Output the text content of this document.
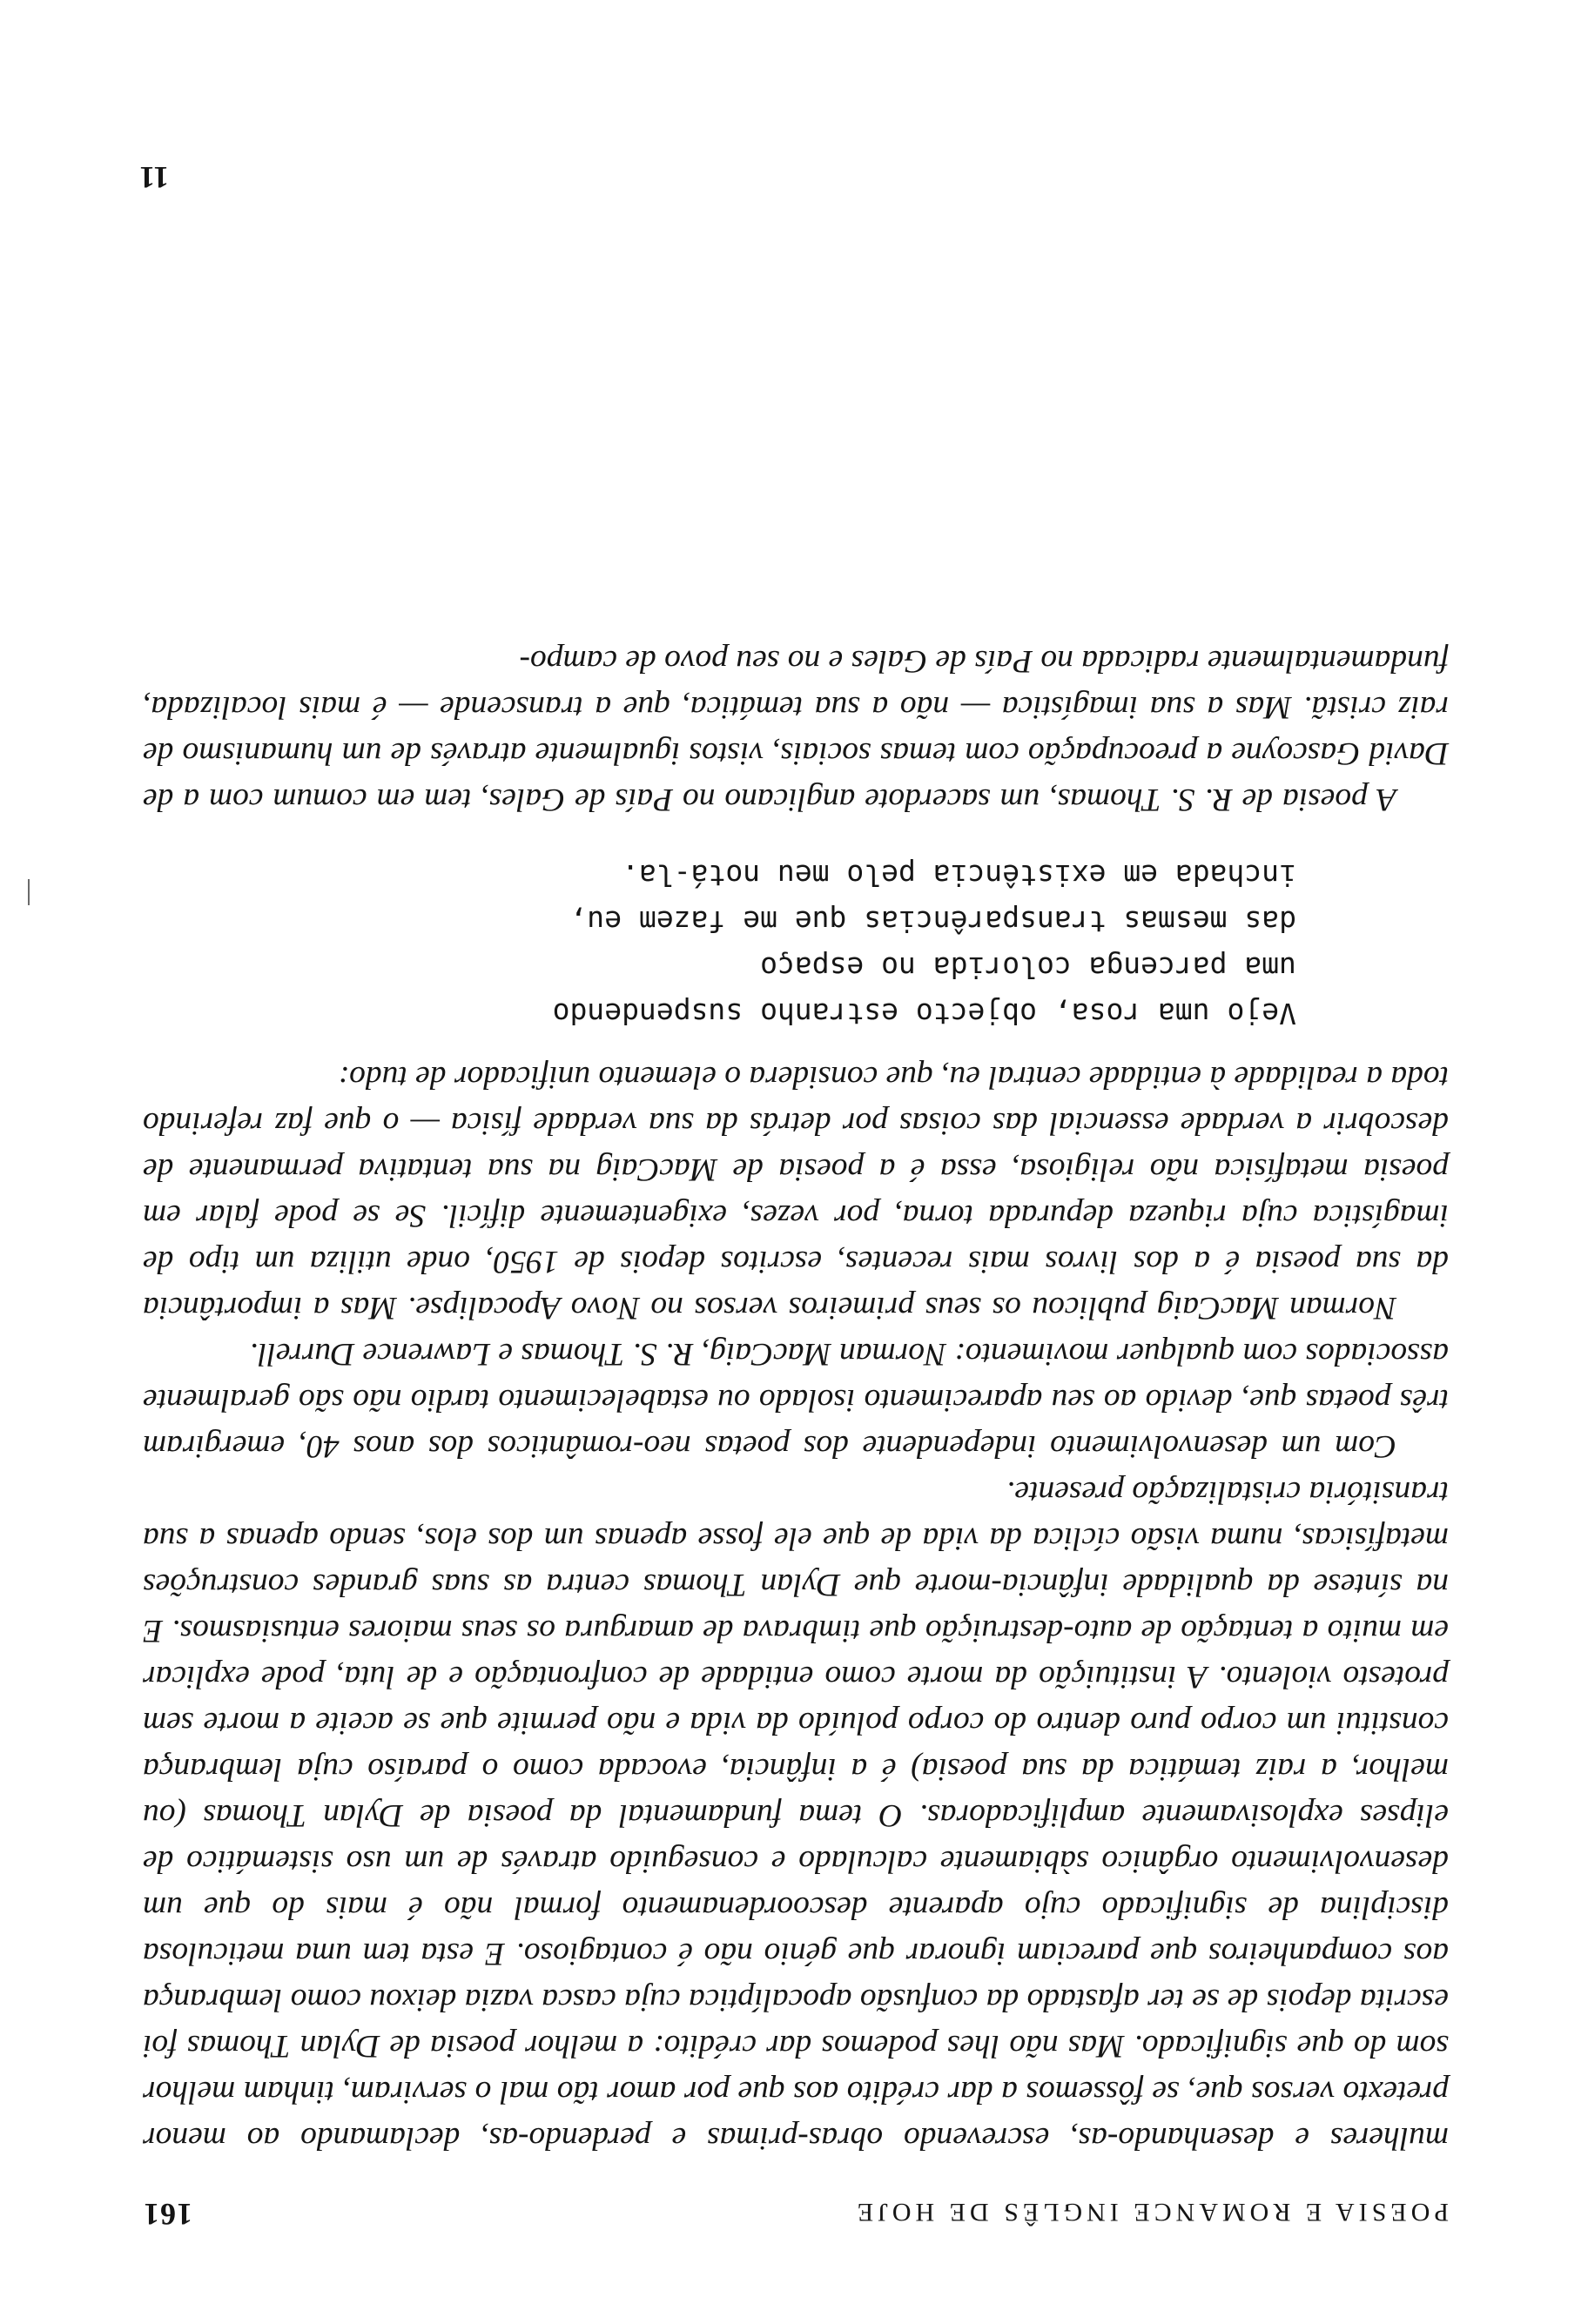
POESIA E ROMANCE INGLÊS DE HOJE
161

mulheres e desenhando-as, escrevendo obras-primas e perdendo-as, declamando ao menor pretexto versos que, se fôssemos a dar crédito aos que por amor tão mal o serviram, tinham melhor som do que significado. Mas não lhes podemos dar crédito: a melhor poesia de Dylan Thomas foi escrita depois de se ter afastado da confusão apocalíptica cuja casca vazia deixou como lembrança aos companheiros que pareciam ignorar que génio não é contagioso. E esta tem uma meticulosa disciplina de significado cujo aparente descoordenamento formal não é mais do que um desenvolvimento orgânico sàbiamente calculado e conseguido através de um uso sistemático de elipses explosivamente amplificadoras. O tema fundamental da poesia de Dylan Thomas (ou melhor, a raiz temática da sua poesia) é a infância, evocada como o paraíso cuja lembrança constitui um corpo puro dentro do corpo poluído da vida e não permite que se aceite a morte sem protesto violento. A instituição da morte como entidade de confrontação e de luta, pode explicar em muito a tentação de auto-destruição que timbrava de amargura os seus maiores entusiasmos. E na síntese da qualidade infância-morte que Dylan Thomas centra as suas grandes construções metafísicas, numa visão cíclica da vida de que ele fosse apenas um dos elos, sendo apenas a sua transitória cristalização presente.

Com um desenvolvimento independente dos poetas neo-românticos dos anos 40, emergiram três poetas que, devido ao seu aparecimento isolado ou estabelecimento tardio não são geralmente associados com qualquer movimento: Norman MacCaig, R. S. Thomas e Lawrence Durrell.

Norman MacCaig publicou os seus primeiros versos no Novo Apocalipse. Mas a importância da sua poesia é a dos livros mais recentes, escritos depois de 1950, onde utiliza um tipo de imagística cuja riqueza depurada torna, por vezes, exigentemente difícil. Se se pode falar em poesia metafísica não religiosa, essa é a poesia de MacCaig na sua tentativa permanente de descobrir a verdade essencial das coisas por detrás da sua verdade física — o que faz referindo toda a realidade à entidade central eu, que considera o elemento unificador de tudo:

Vejo uma rosa, objecto estranho suspendendo
uma parcenga colorida no espaço
das mesmas transparências que me fazem eu,
inchada em existência pelo meu notá-la.

A poesia de R. S. Thomas, um sacerdote anglicano no País de Gales, tem em comum com a de David Gascoyne a preocupação com temas sociais, vistos igualmente através de um humanismo de raiz cristã. Mas a sua imagística — não a sua temática, que a transcende — é mais localizada, fundamentalmente radicada no País de Gales e no seu povo de campo-

11
